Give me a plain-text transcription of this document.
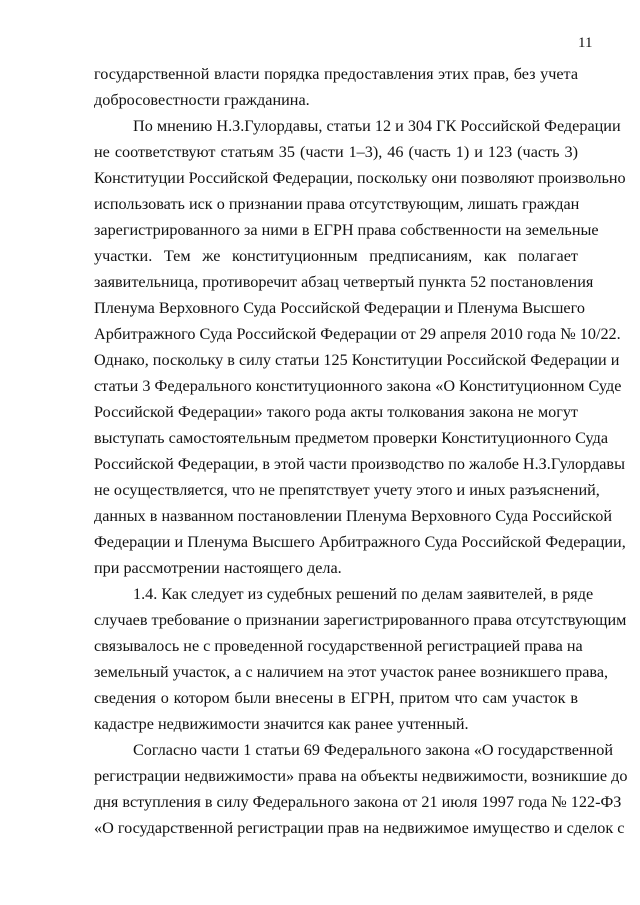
11
государственной власти порядка предоставления этих прав, без учета
добросовестности гражданина.
По мнению Н.З.Гулордавы, статьи 12 и 304 ГК Российской Федерации
не соответствуют статьям 35 (части 1–3), 46 (часть 1) и 123 (часть 3)
Конституции Российской Федерации, поскольку они позволяют произвольно
использовать иск о признании права отсутствующим, лишать граждан
зарегистрированного за ними в ЕГРН права собственности на земельные
участки. Тем же конституционным предписаниям, как полагает
заявительница, противоречит абзац четвертый пункта 52 постановления
Пленума Верховного Суда Российской Федерации и Пленума Высшего
Арбитражного Суда Российской Федерации от 29 апреля 2010 года № 10/22.
Однако, поскольку в силу статьи 125 Конституции Российской Федерации и
статьи 3 Федерального конституционного закона «О Конституционном Суде
Российской Федерации» такого рода акты толкования закона не могут
выступать самостоятельным предметом проверки Конституционного Суда
Российской Федерации, в этой части производство по жалобе Н.З.Гулордавы
не осуществляется, что не препятствует учету этого и иных разъяснений,
данных в названном постановлении Пленума Верховного Суда Российской
Федерации и Пленума Высшего Арбитражного Суда Российской Федерации,
при рассмотрении настоящего дела.
1.4. Как следует из судебных решений по делам заявителей, в ряде
случаев требование о признании зарегистрированного права отсутствующим
связывалось не с проведенной государственной регистрацией права на
земельный участок, а с наличием на этот участок ранее возникшего права,
сведения о котором были внесены в ЕГРН, притом что сам участок в
кадастре недвижимости значится как ранее учтенный.
Согласно части 1 статьи 69 Федерального закона «О государственной
регистрации недвижимости» права на объекты недвижимости, возникшие до
дня вступления в силу Федерального закона от 21 июля 1997 года № 122-ФЗ
«О государственной регистрации прав на недвижимое имущество и сделок с
